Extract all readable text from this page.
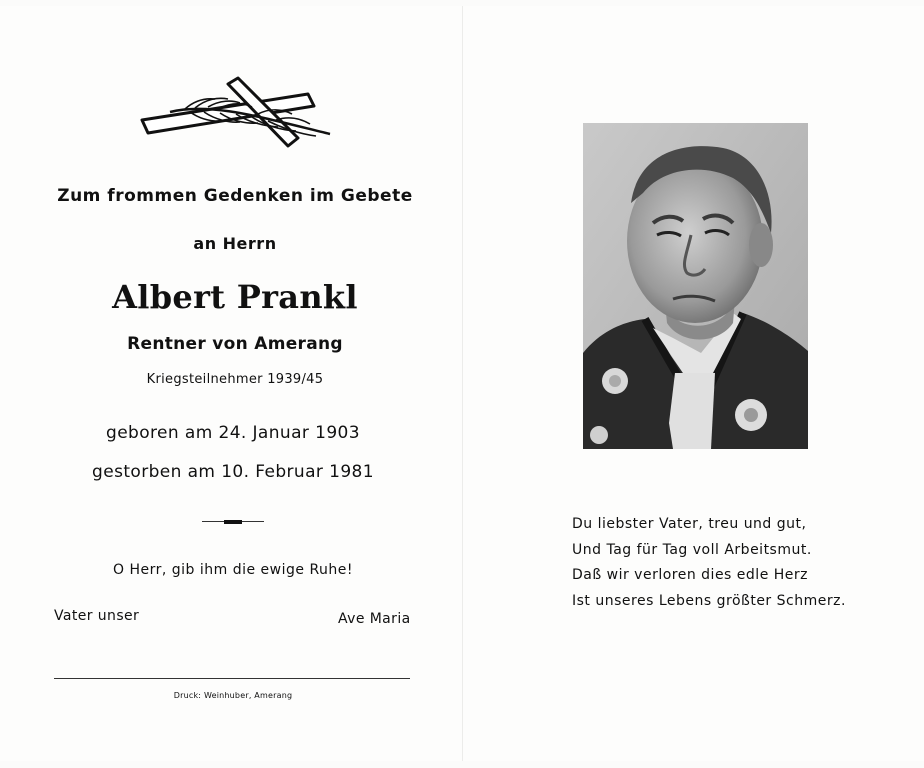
Zum frommen Gedenken im Gebete
an Herrn
Albert Prankl
Rentner von Amerang
Kriegsteilnehmer 1939/45
geboren am 24. Januar 1903
gestorben am 10. Februar 1981
O Herr, gib ihm die ewige Ruhe!
Vater unser	Ave Maria
Druck: Weinhuber, Amerang
Du liebster Vater, treu und gut,
Und Tag für Tag voll Arbeitsmut.
Daß wir verloren dies edle Herz
Ist unseres Lebens größter Schmerz.
